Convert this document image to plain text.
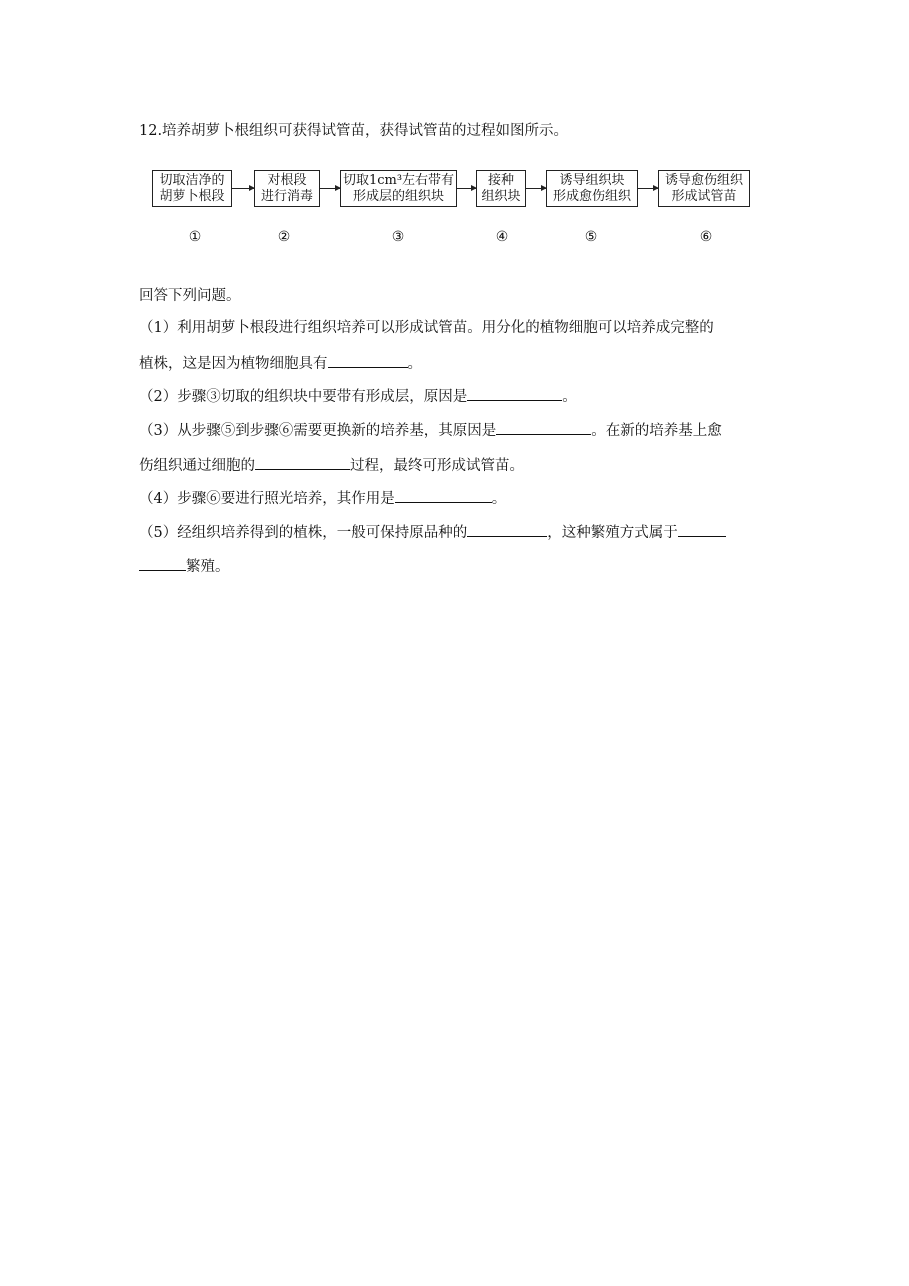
12.培养胡萝卜根组织可获得试管苗，获得试管苗的过程如图所示。
切取洁净的
胡萝卜根段
对根段
进行消毒
切取1cm³左右带有
形成层的组织块
接种
组织块
诱导组织块
形成愈伤组织
诱导愈伤组织
形成试管苗
①	②	③	④	⑤	⑥
回答下列问题。
（1）利用胡萝卜根段进行组织培养可以形成试管苗。用分化的植物细胞可以培养成完整的
植株，这是因为植物细胞具有	。
（2）步骤③切取的组织块中要带有形成层，原因是	。
（3）从步骤⑤到步骤⑥需要更换新的培养基，其原因是	。在新的培养基上愈
伤组织通过细胞的	过程，最终可形成试管苗。
（4）步骤⑥要进行照光培养，其作用是	。
（5）经组织培养得到的植株，一般可保持原品种的	，这种繁殖方式属于
繁殖。
